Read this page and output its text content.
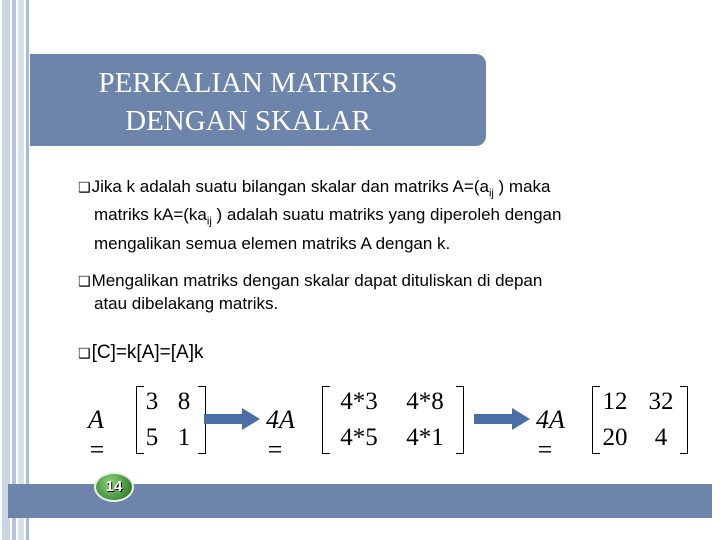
PERKALIAN MATRIKS
DENGAN SKALAR
❑Jika k adalah suatu bilangan skalar dan matriks $A=(a_{ij}$ ) maka
matriks $kA=(ka_{ij}$ ) adalah suatu matriks yang diperoleh dengan
mengalikan semua elemen matriks A dengan k.
❑Mengalikan matriks dengan skalar dapat dituliskan di depan
atau dibelakang matriks.
❑[C]=k[A]=[A]k
A =
3 8
5 1
4A =
4*3	4*8
4*5	4*1
4A =
12 32
20	4
14
